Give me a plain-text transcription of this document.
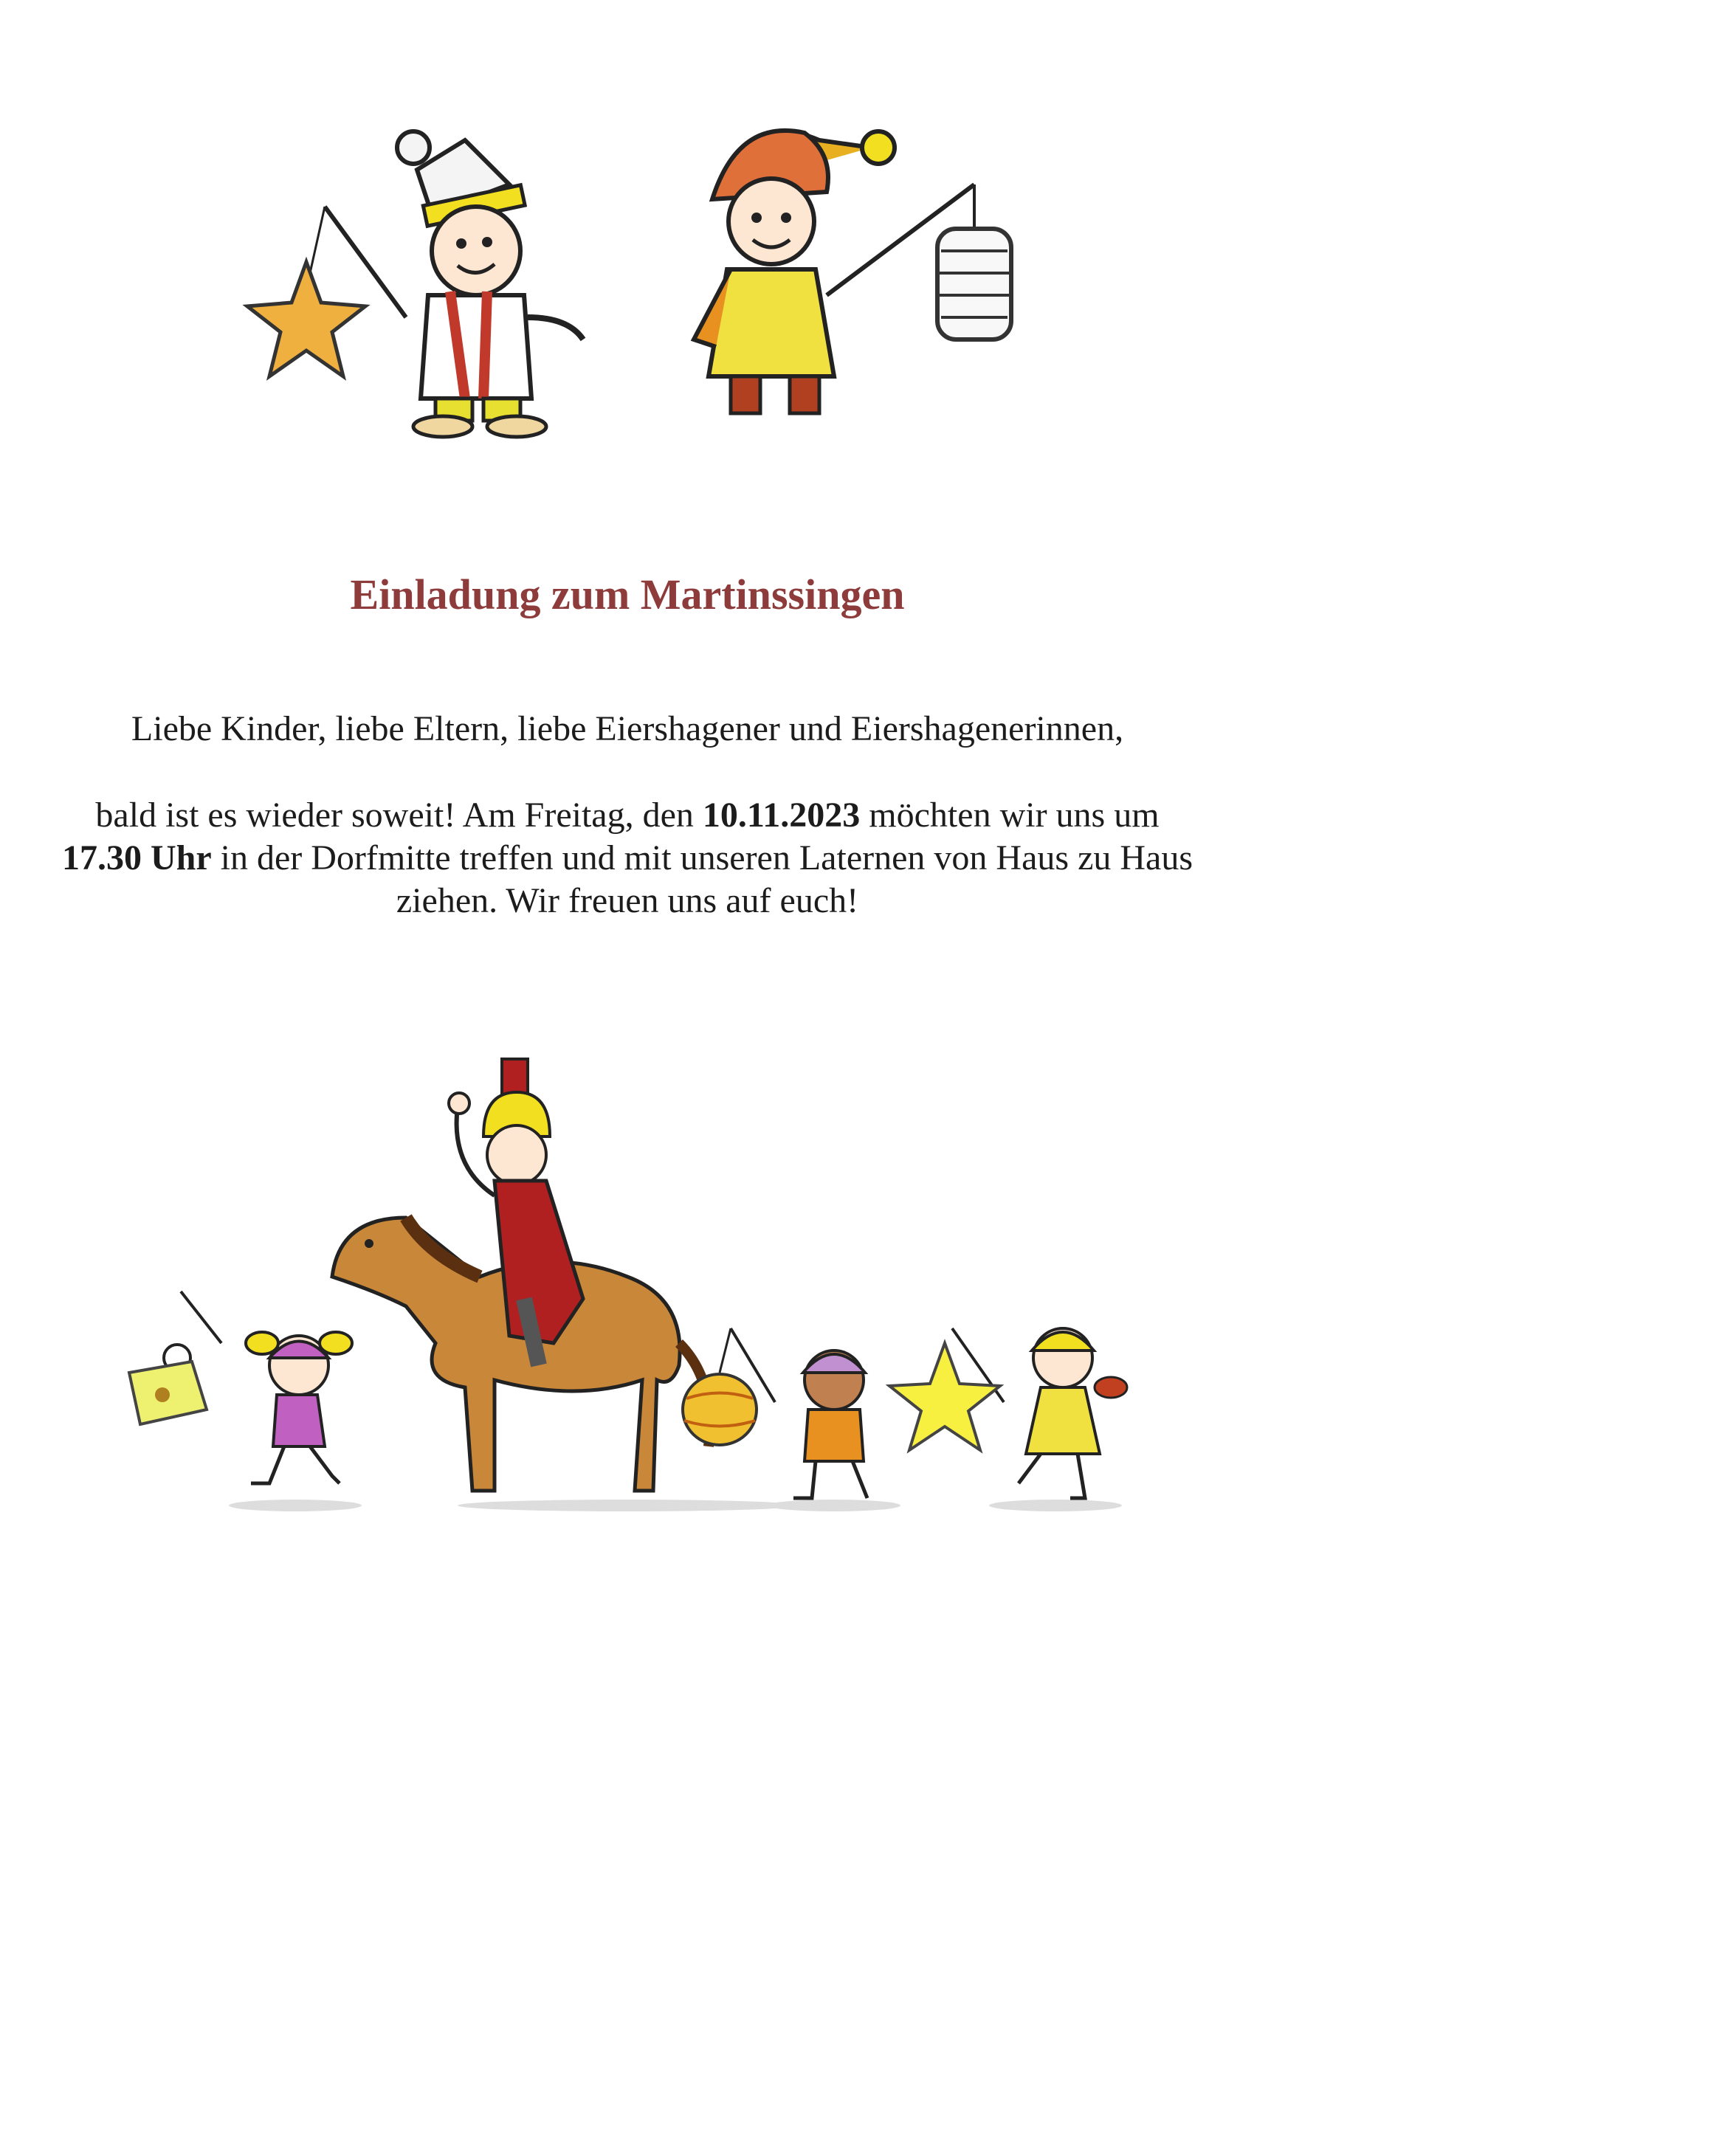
Einladung zum Martinssingen
Liebe Kinder, liebe Eltern, liebe Eiershagener und Eiershagenerinnen,
bald ist es wieder soweit! Am Freitag, den 10.11.2023 möchten wir uns um
17.30 Uhr in der Dorfmitte treffen und mit unseren Laternen von Haus zu Haus ziehen. Wir freuen uns auf euch!
